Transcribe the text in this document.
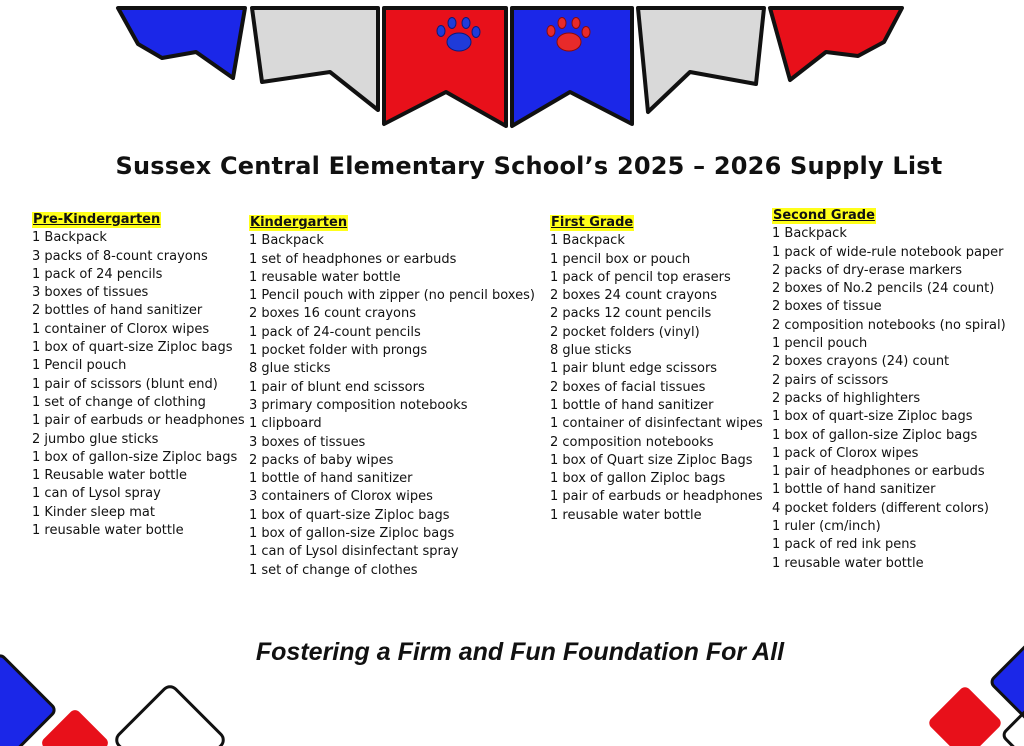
Sussex Central Elementary School’s 2025 – 2026 Supply List
Pre-Kindergarten
1 Backpack
3 packs of 8-count crayons
1 pack of 24 pencils
3 boxes of tissues
2 bottles of hand sanitizer
1 container of Clorox wipes
1 box of quart-size Ziploc bags
1 Pencil pouch
1 pair of scissors (blunt end)
1 set of change of clothing
1 pair of earbuds or headphones
2 jumbo glue sticks
1 box of gallon-size Ziploc bags
1 Reusable water bottle
1 can of Lysol spray
1 Kinder sleep mat
1 reusable water bottle
Kindergarten
1 Backpack
1 set of headphones or earbuds
1 reusable water bottle
1 Pencil pouch with zipper (no pencil boxes)
2 boxes 16 count crayons
1 pack of 24-count pencils
1 pocket folder with prongs
8 glue sticks
1 pair of blunt end scissors
3 primary composition notebooks
1 clipboard
3 boxes of tissues
2 packs of baby wipes
1 bottle of hand sanitizer
3 containers of Clorox wipes
1 box of quart-size Ziploc bags
1 box of gallon-size Ziploc bags
1 can of Lysol disinfectant spray
1 set of change of clothes
First Grade
1 Backpack
1 pencil box or pouch
1 pack of pencil top erasers
2 boxes 24 count crayons
2 packs 12 count pencils
2 pocket folders (vinyl)
8 glue sticks
1 pair blunt edge scissors
2 boxes of facial tissues
1 bottle of hand sanitizer
1 container of disinfectant wipes
2 composition notebooks
1 box of Quart size Ziploc Bags
1 box of gallon Ziploc bags
1 pair of earbuds or headphones
1 reusable water bottle
Second Grade
1 Backpack
1 pack of wide-rule notebook paper
2 packs of dry-erase markers
2 boxes of No.2 pencils (24 count)
2 boxes of tissue
2 composition notebooks (no spiral)
1 pencil pouch
2 boxes crayons (24) count
2 pairs of scissors
2 packs of highlighters
1 box of quart-size Ziploc bags
1 box of gallon-size Ziploc bags
1 pack of Clorox wipes
1 pair of headphones or earbuds
1 bottle of hand sanitizer
4 pocket folders (different colors)
1 ruler (cm/inch)
1 pack of red ink pens
1 reusable water bottle
Fostering a Firm and Fun Foundation For All
